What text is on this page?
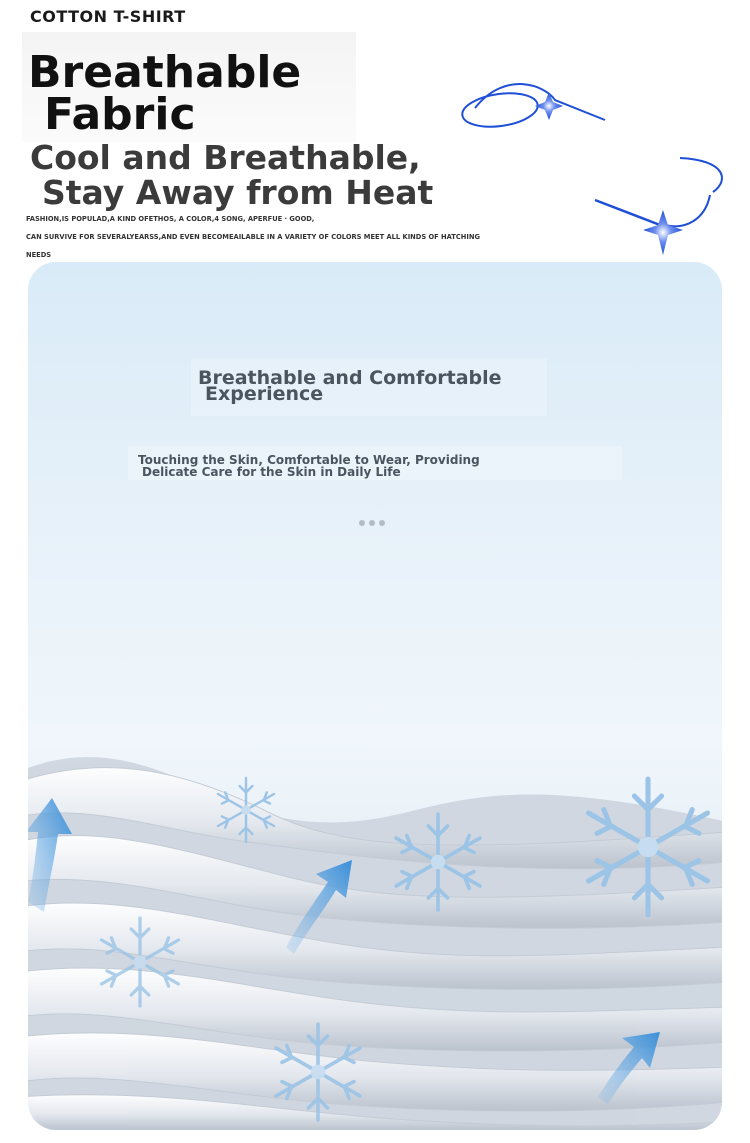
COTTON T-SHIRT
Breathable
Fabric
Cool and Breathable,
Stay Away from Heat
FASHION,IS POPULAD,A KIND OFETHOS, A COLOR,4 SONG, APERFUE · GOOD,
CAN SURVIVE FOR SEVERALYEARSS,AND EVEN BECOMEAILABLE IN A VARIETY OF COLORS MEET ALL KINDS OF HATCHING NEEDS
Breathable and Comfortable
Experience
Touching the Skin, Comfortable to Wear, Providing
Delicate Care for the Skin in Daily Life
